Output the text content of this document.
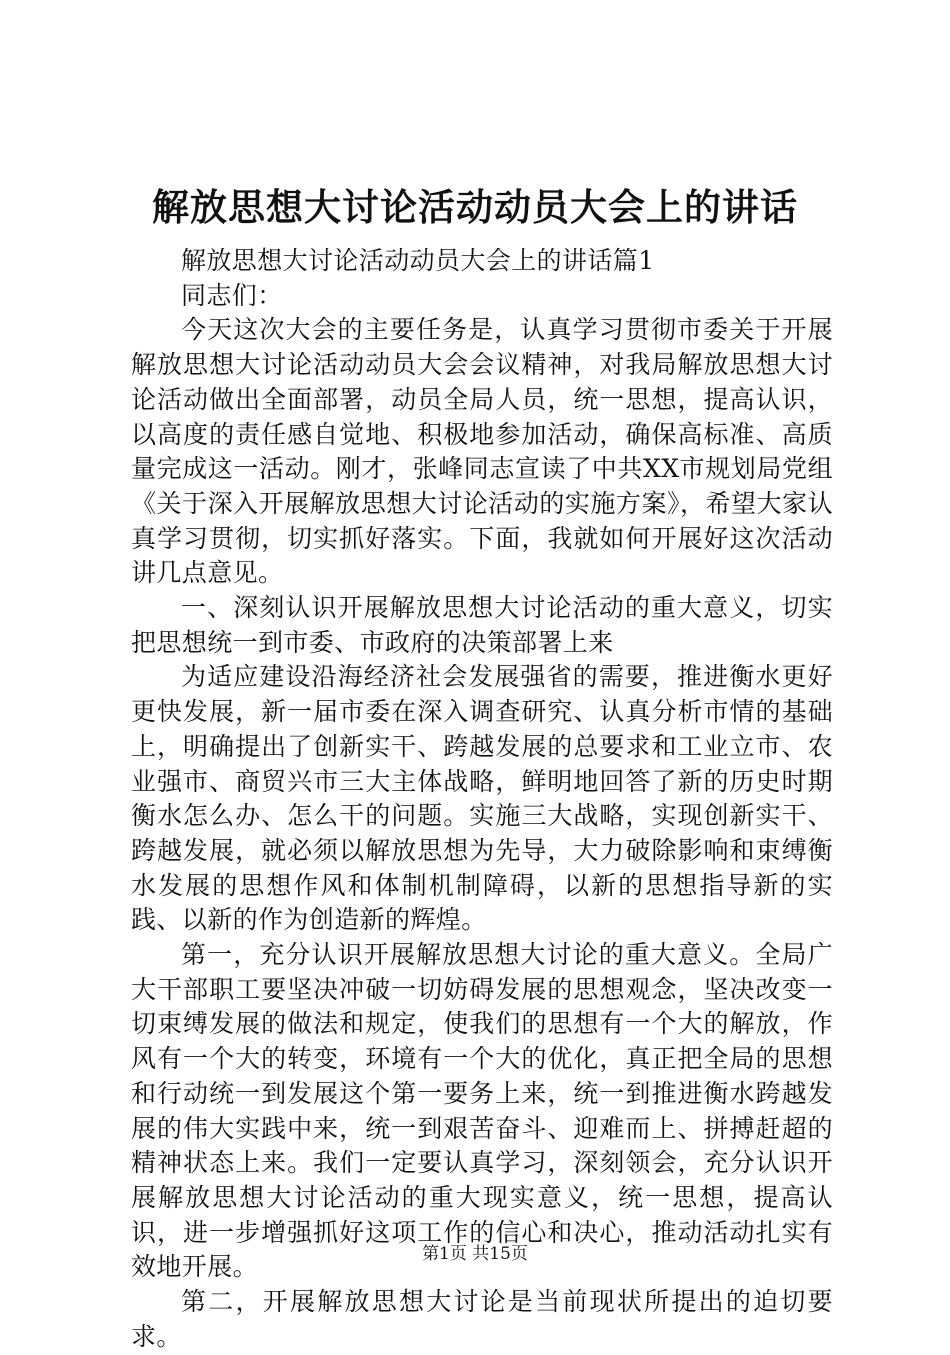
解放思想大讨论活动动员大会上的讲话

解放思想大讨论活动动员大会上的讲话篇1

同志们：

今天这次大会的主要任务是，认真学习贯彻市委关于开展解放思想大讨论活动动员大会会议精神，对我局解放思想大讨论活动做出全面部署，动员全局人员，统一思想，提高认识，以高度的责任感自觉地、积极地参加活动，确保高标准、高质量完成这一活动。刚才，张峰同志宣读了中共XX市规划局党组《关于深入开展解放思想大讨论活动的实施方案》，希望大家认真学习贯彻，切实抓好落实。下面，我就如何开展好这次活动讲几点意见。

一、深刻认识开展解放思想大讨论活动的重大意义，切实把思想统一到市委、市政府的决策部署上来

为适应建设沿海经济社会发展强省的需要，推进衡水更好更快发展，新一届市委在深入调查研究、认真分析市情的基础上，明确提出了创新实干、跨越发展的总要求和工业立市、农业强市、商贸兴市三大主体战略，鲜明地回答了新的历史时期衡水怎么办、怎么干的问题。实施三大战略，实现创新实干、跨越发展，就必须以解放思想为先导，大力破除影响和束缚衡水发展的思想作风和体制机制障碍，以新的思想指导新的实践、以新的作为创造新的辉煌。

第一，充分认识开展解放思想大讨论的重大意义。全局广大干部职工要坚决冲破一切妨碍发展的思想观念，坚决改变一切束缚发展的做法和规定，使我们的思想有一个大的解放，作风有一个大的转变，环境有一个大的优化，真正把全局的思想和行动统一到发展这个第一要务上来，统一到推进衡水跨越发展的伟大实践中来，统一到艰苦奋斗、迎难而上、拼搏赶超的精神状态上来。我们一定要认真学习，深刻领会，充分认识开展解放思想大讨论活动的重大现实意义，统一思想，提高认识，进一步增强抓好这项工作的信心和决心，推动活动扎实有效地开展。

第二，开展解放思想大讨论是当前现状所提出的迫切要求。

第1页 共15页
